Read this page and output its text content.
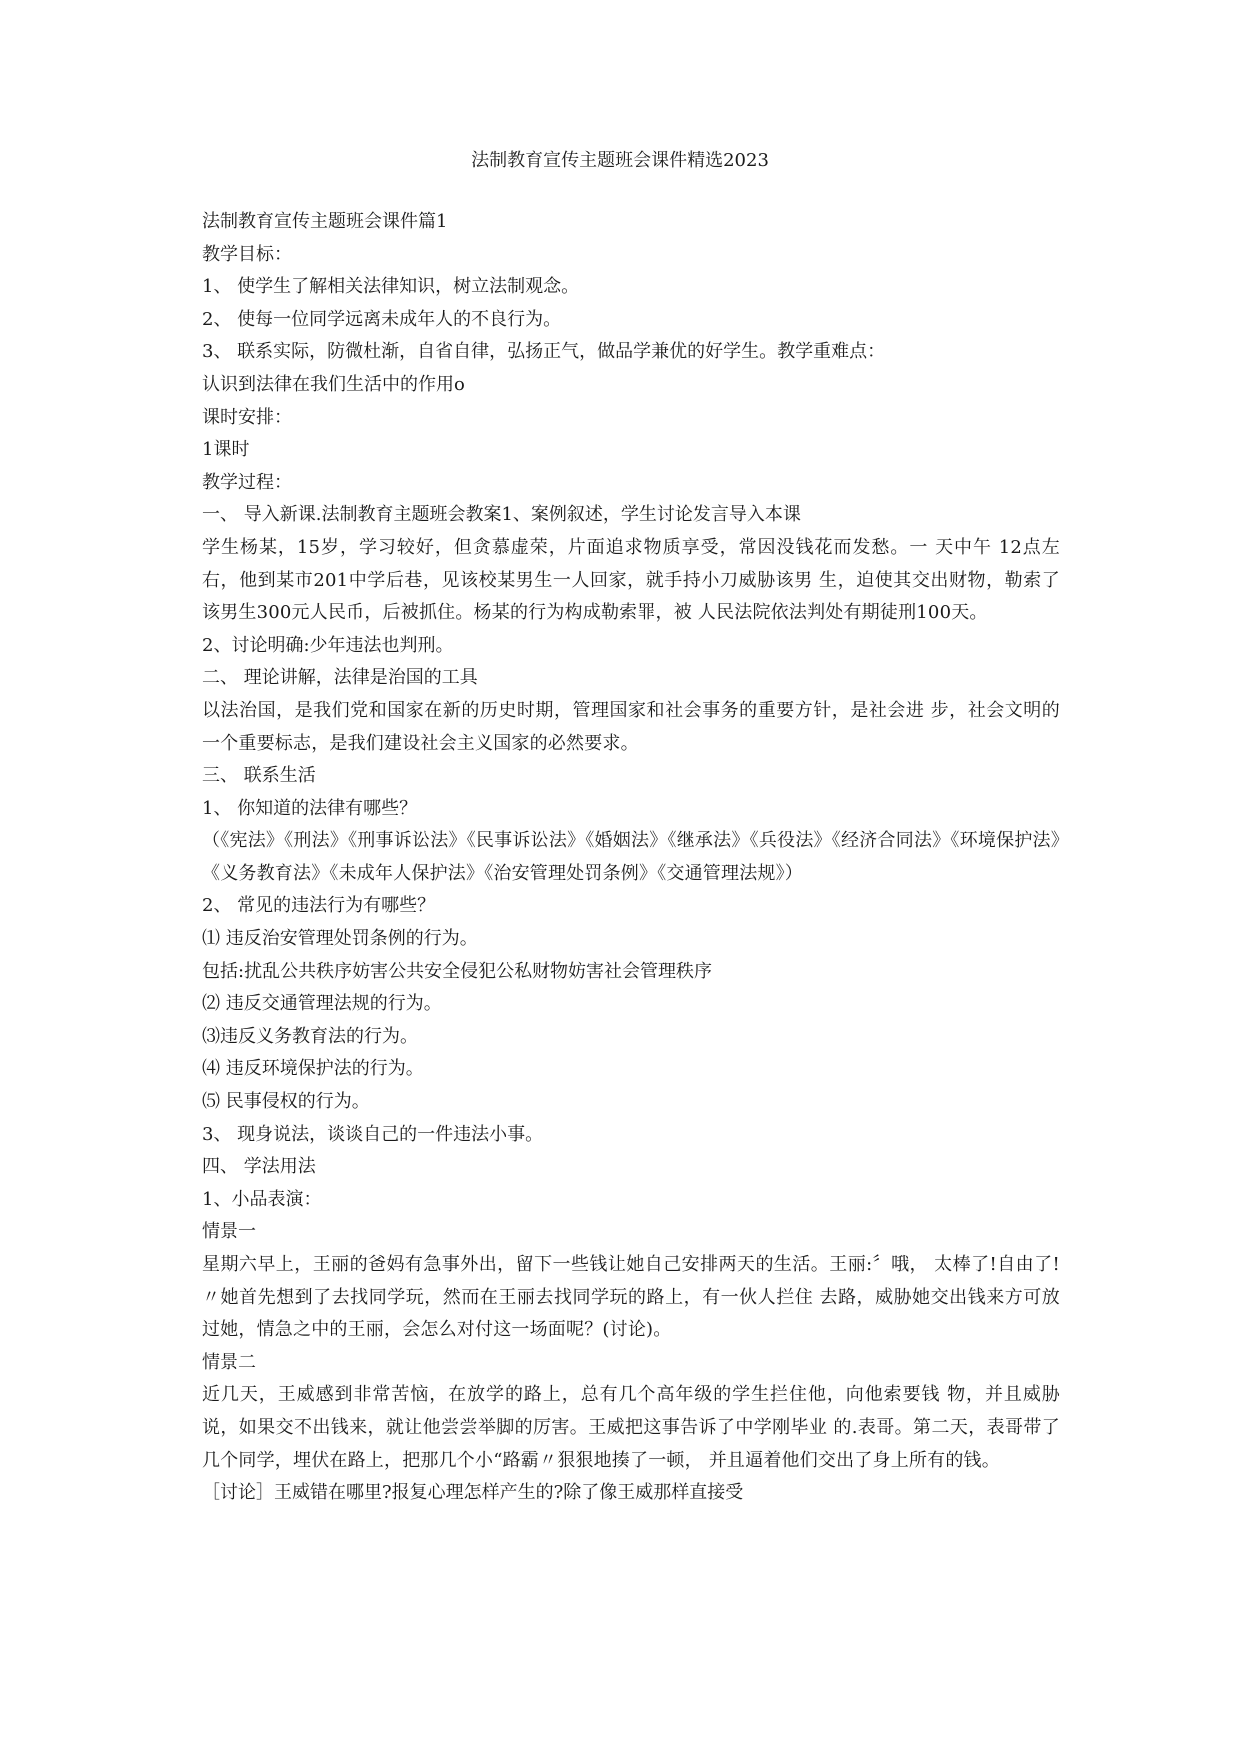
法制教育宣传主题班会课件精选2023

法制教育宣传主题班会课件篇1

教学目标：

1、 使学生了解相关法律知识，树立法制观念。

2、 使每一位同学远离未成年人的不良行为。

3、 联系实际，防微杜渐，自省自律，弘扬正气，做品学兼优的好学生。教学重难点：

认识到法律在我们生活中的作用o

课时安排：

1课时

教学过程：

一、 导入新课.法制教育主题班会教案1、案例叙述，学生讨论发言导入本课

学生杨某，15岁，学习较好，但贪慕虚荣，片面追求物质享受，常因没钱花而发愁。一 天中午 12点左右，他到某市201中学后巷，见该校某男生一人回家，就手持小刀威胁该男 生，迫使其交出财物，勒索了该男生300元人民币，后被抓住。杨某的行为构成勒索罪，被 人民法院依法判处有期徒刑100天。

2、讨论明确:少年违法也判刑。

二、 理论讲解，法律是治国的工具

以法治国，是我们党和国家在新的历史时期，管理国家和社会事务的重要方针，是社会进 步，社会文明的一个重要标志，是我们建设社会主义国家的必然要求。

三、 联系生活

1、 你知道的法律有哪些？

（《宪法》《刑法》《刑事诉讼法》《民事诉讼法》《婚姻法》《继承法》《兵役法》《经济合同法》《环境保护法》《义务教育法》《未成年人保护法》《治安管理处罚条例》《交通管理法规》）

2、 常见的违法行为有哪些？

⑴ 违反治安管理处罚条例的行为。

包括:扰乱公共秩序妨害公共安全侵犯公私财物妨害社会管理秩序

⑵ 违反交通管理法规的行为。

⑶违反义务教育法的行为。

⑷ 违反环境保护法的行为。

⑸ 民事侵权的行为。

3、 现身说法，谈谈自己的一件违法小事。

四、 学法用法

1、小品表演：

情景一

星期六早上，王丽的爸妈有急事外出，留下一些钱让她自己安排两天的生活。王丽:〞哦， 太棒了!自由了!〃她首先想到了去找同学玩，然而在王丽去找同学玩的路上，有一伙人拦住 去路，威胁她交出钱来方可放过她，情急之中的王丽，会怎么对付这一场面呢？(讨论)。

情景二

近几天，王威感到非常苦恼，在放学的路上，总有几个高年级的学生拦住他，向他索要钱 物，并且威胁说，如果交不出钱来，就让他尝尝举脚的厉害。王威把这事告诉了中学刚毕业 的.表哥。第二天，表哥带了几个同学，埋伏在路上，把那几个小“路霸〃狠狠地揍了一顿， 并且逼着他们交出了身上所有的钱。

［讨论］王威错在哪里?报复心理怎样产生的?除了像王威那样直接受
